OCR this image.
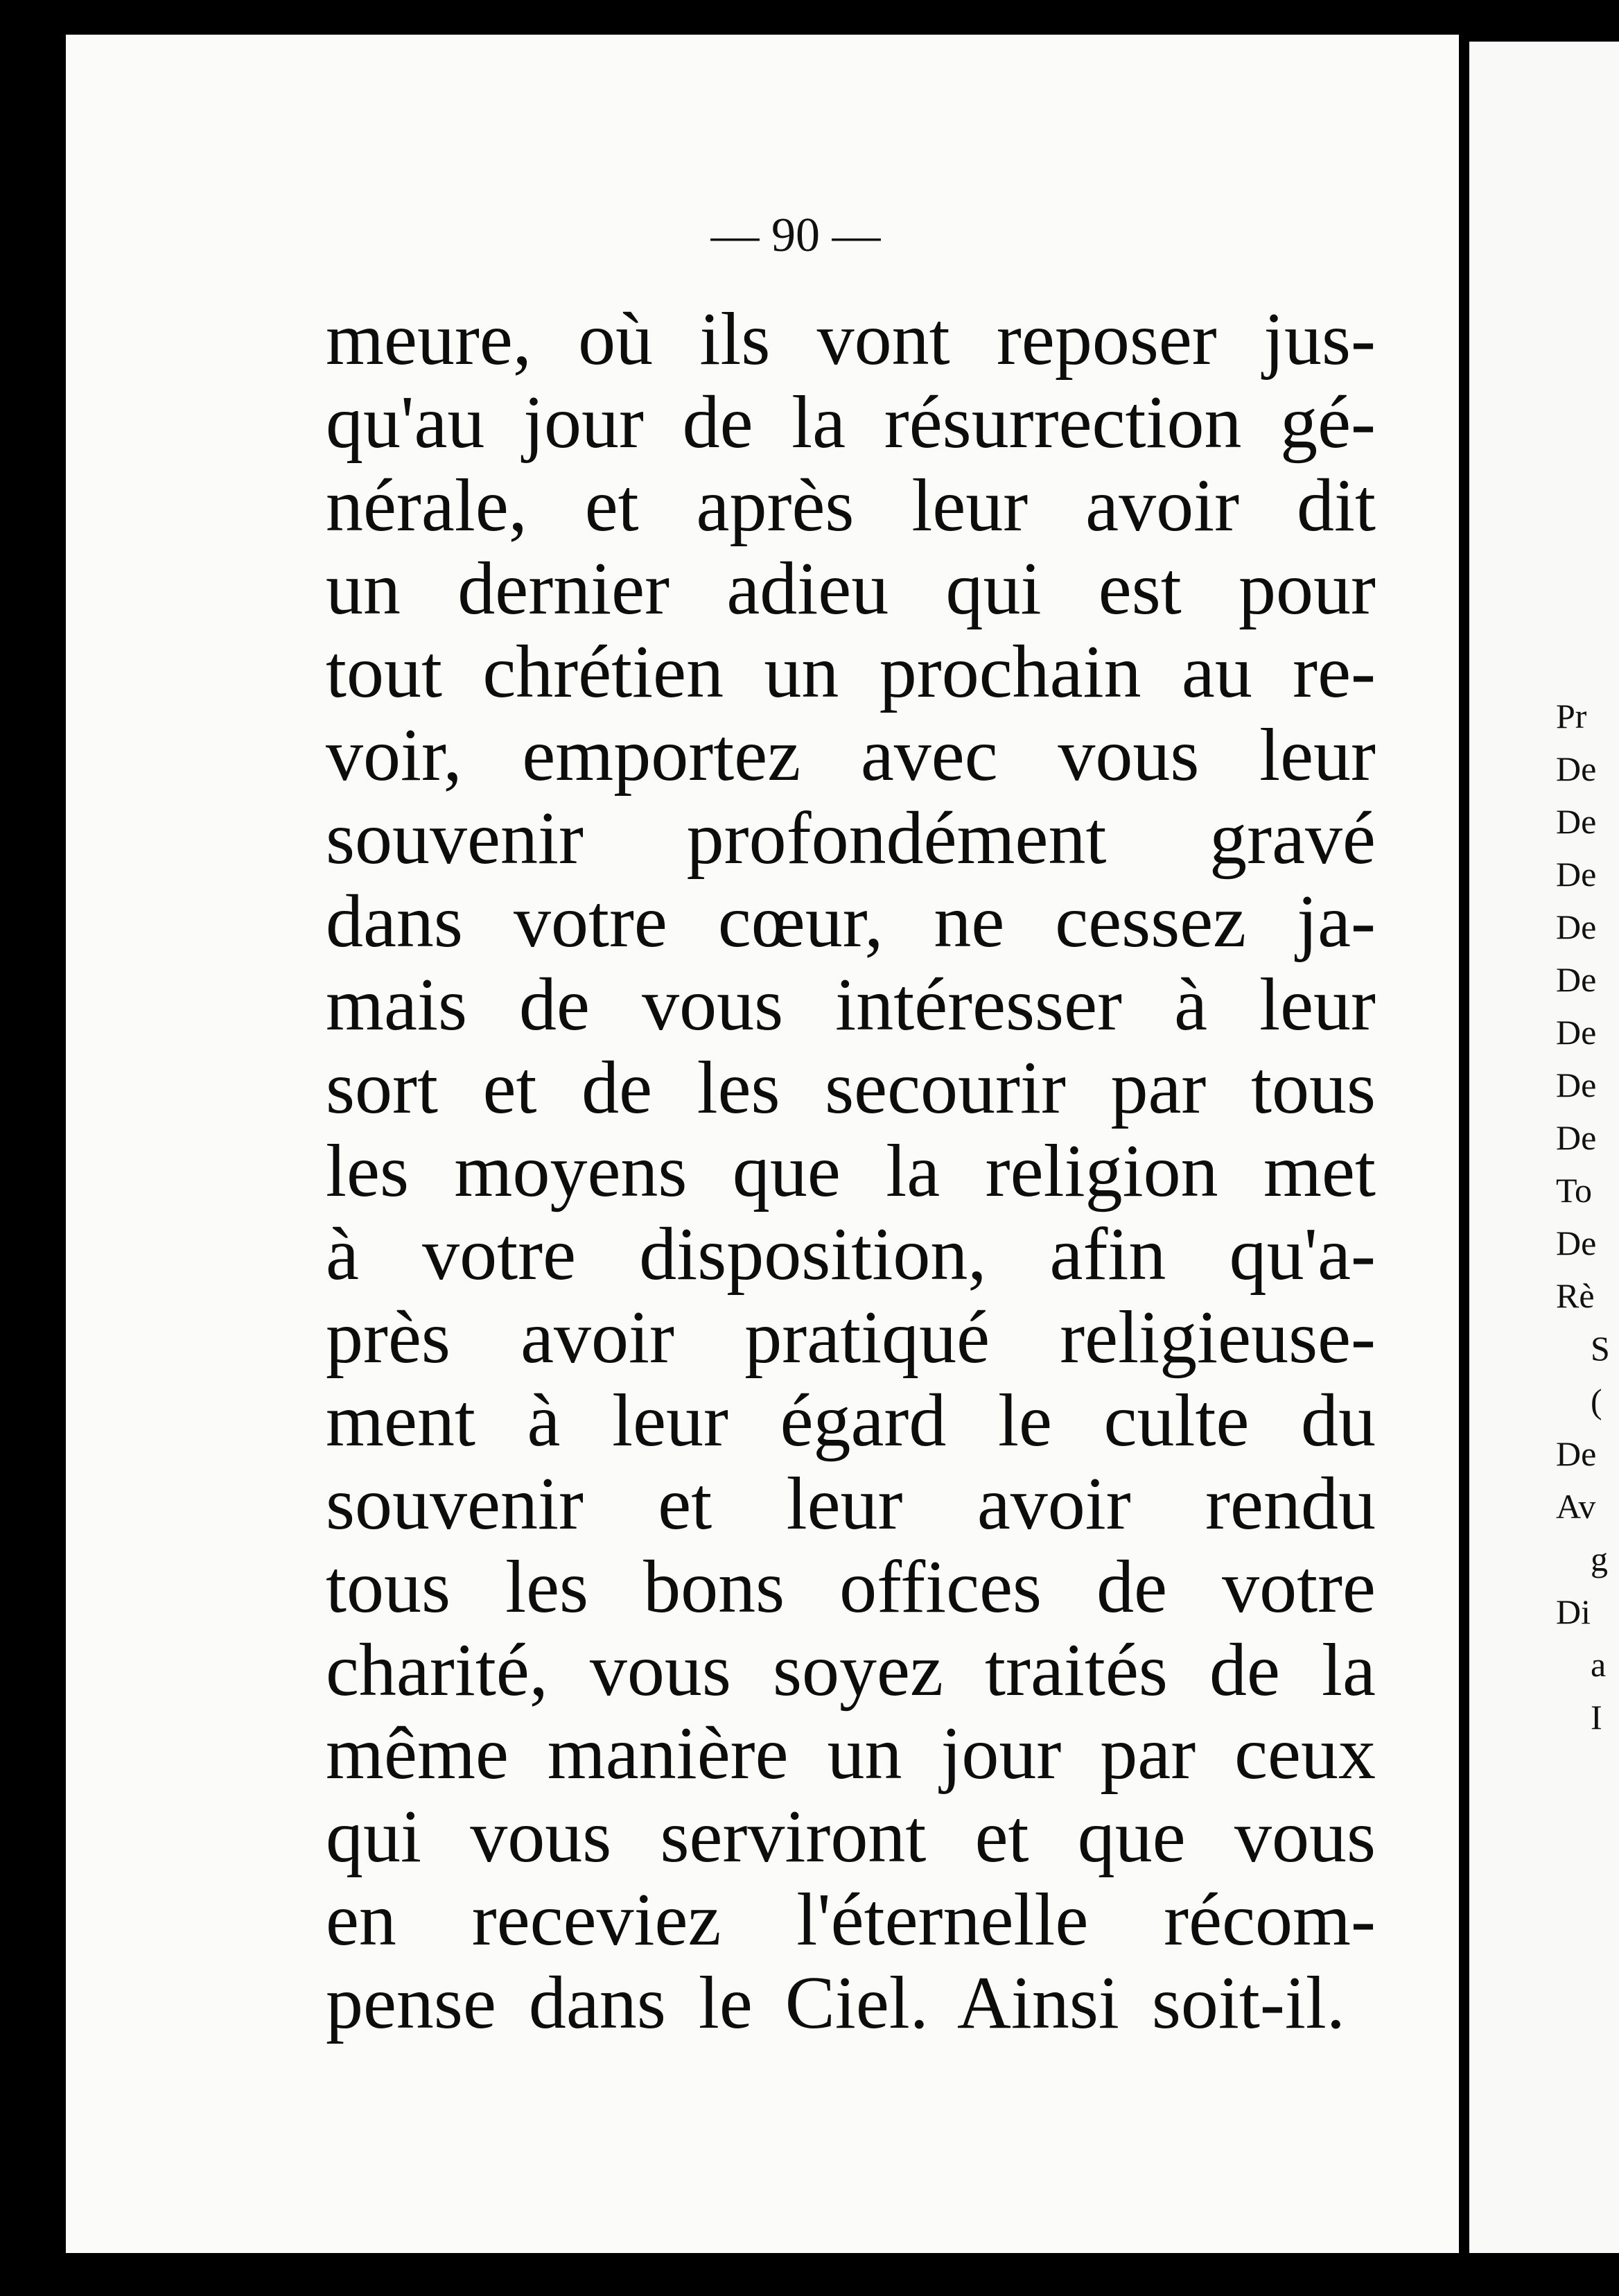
— 90 —
meure, où ils vont reposer jus-
qu'au jour de la résurrection gé-
nérale, et après leur avoir dit
un dernier adieu qui est pour
tout chrétien un prochain au re-
voir, emportez avec vous leur
souvenir profondément gravé
dans votre cœur, ne cessez ja-
mais de vous intéresser à leur
sort et de les secourir par tous
les moyens que la religion met
à votre disposition, afin qu'a-
près avoir pratiqué religieuse-
ment à leur égard le culte du
souvenir et leur avoir rendu
tous les bons offices de votre
charité, vous soyez traités de la
même manière un jour par ceux
qui vous serviront et que vous
en receviez l'éternelle récom-
pense dans le Ciel. Ainsi soit-il.
Pr
De
De
De
De
De
De
De
De
To
De
Rè
S
(
De
Av
g
Di
a
I
